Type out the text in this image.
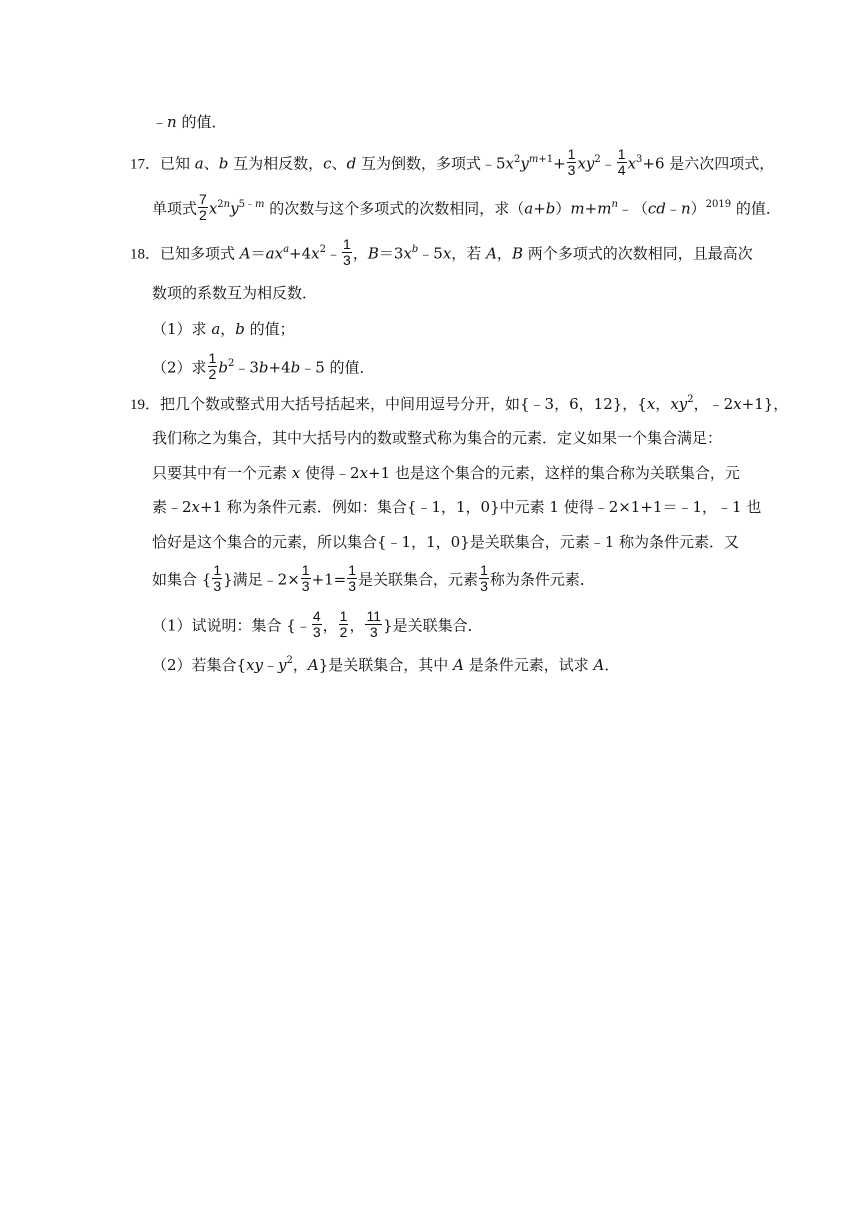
﹣n 的值．
17．已知 a、b 互为相反数，c、d 互为倒数，多项式$﹣5x^2y^{m+1}+ \frac{1}{3}$ $xy^2﹣ \frac{1}{4} x^3+6$ 是六次四项式，
单项式 $\frac{7}{2} x^{2n}y^{5﹣m}$ 的次数与这个多项式的次数相同，求$(a+b)m+m^n﹣(cd﹣n)^{2019}$ 的值．
18．已知多项式 $A=ax^a+4x^2﹣ \frac{1}{3}$ ，$B=3x^b﹣5x$，若 A，B 两个多项式的次数相同，且最高次
数项的系数互为相反数．
（1）求 a，b 的值；
（2）求 $\frac{1}{2}$ $b^2﹣3b+4b﹣5$ 的值．
19．把几个数或整式用大括号括起来，中间用逗号分开，如{﹣3，6，12}，{x，$xy^2$，﹣2x+1}，
我们称之为集合，其中大括号内的数或整式称为集合的元素．定义如果一个集合满足：
只要其中有一个元素 x 使得﹣2x+1 也是这个集合的元素，这样的集合称为关联集合，元
素﹣2x+1 称为条件元素．例如：集合{﹣1，1，0}中元素 1 使得﹣2×1+1＝﹣1，﹣1 也
恰好是这个集合的元素，所以集合{﹣1，1，0}是关联集合，元素﹣1 称为条件元素．又
如集合 { $\frac{1}{3}$ }满足﹣2× $\frac{1}{3} +1= \frac{1}{3}$ 是关联集合，元素 $\frac{1}{3}$ 称为条件元素．
（1）试说明：集合 {﹣ $\frac{4}{3}$ ， $\frac{1}{2}$ ， $\frac{11}{3}$ }是关联集合．
（2）若集合{$xy﹣y^2$，A}是关联集合，其中 A 是条件元素，试求 A．
